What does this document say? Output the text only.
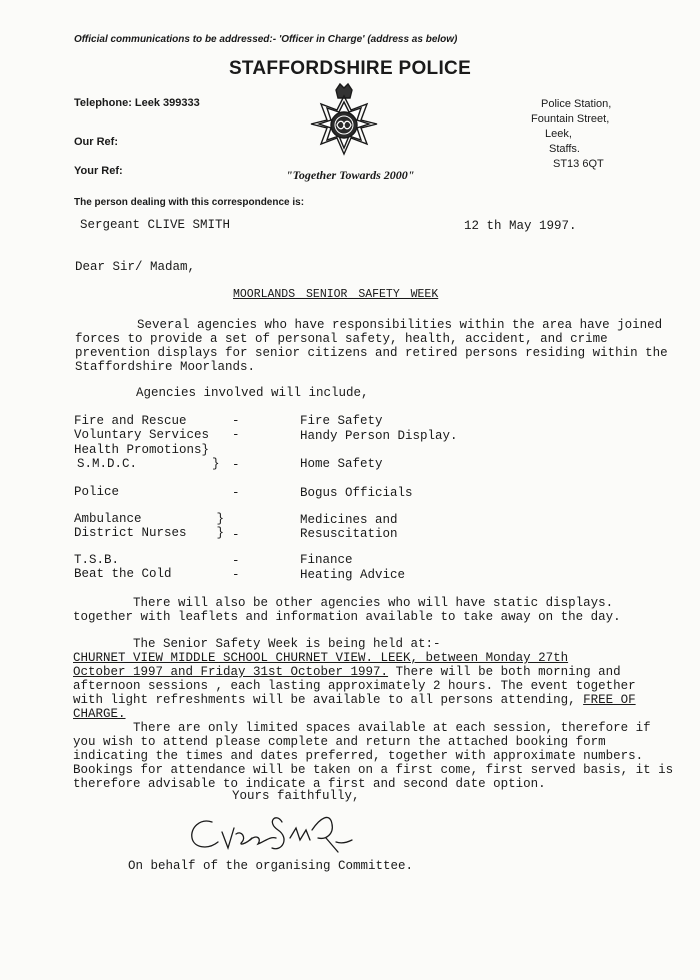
Official communications to be addressed:- 'Officer in Charge' (address as below)
STAFFORDSHIRE POLICE
Telephone: Leek 399333
Our Ref:
Your Ref:
The person dealing with this correspondence is:
"Together Towards 2000"
Police Station,
Fountain Street,
Leek,
Staffs.
ST13 6QT
Sergeant CLIVE SMITH	12 th May 1997.
Dear Sir/ Madam,
MOORLANDS SENIOR SAFETY WEEK
Several agencies who have responsibilities within the area have joined
forces to provide a set of personal safety, health, accident, and crime
prevention displays for senior citizens and retired persons residing within the
Staffordshire Moorlands.
Agencies involved will include,
Fire and Rescue	-	Fire Safety
Voluntary Services -	Handy Person Display.
Health Promotions}
S.M.D.C.          } -	Home Safety
Police	-	Bogus Officials
Ambulance          }	Medicines and
District Nurses    } -	Resuscitation
T.S.B.	-	Finance
Beat the Cold	-	Heating Advice
There will also be other agencies who will have static displays.
together with leaflets and information available to take away on the day.
The Senior Safety Week is being held at:-
CHURNET VIEW MIDDLE SCHOOL CHURNET VIEW. LEEK, between Monday 27th
October 1997 and Friday 31st October 1997. There will be both morning and
afternoon sessions , each lasting approximately 2 hours. The event together
with light refreshments will be available to all persons attending, FREE OF
CHARGE.
There are only limited spaces available at each session, therefore if
you wish to attend please complete and return the attached booking form
indicating the times and dates preferred, together with approximate numbers.
Bookings for attendance will be taken on a first come, first served basis, it is
therefore advisable to indicate a first and second date option.
Yours faithfully,
On behalf of the organising Committee.
